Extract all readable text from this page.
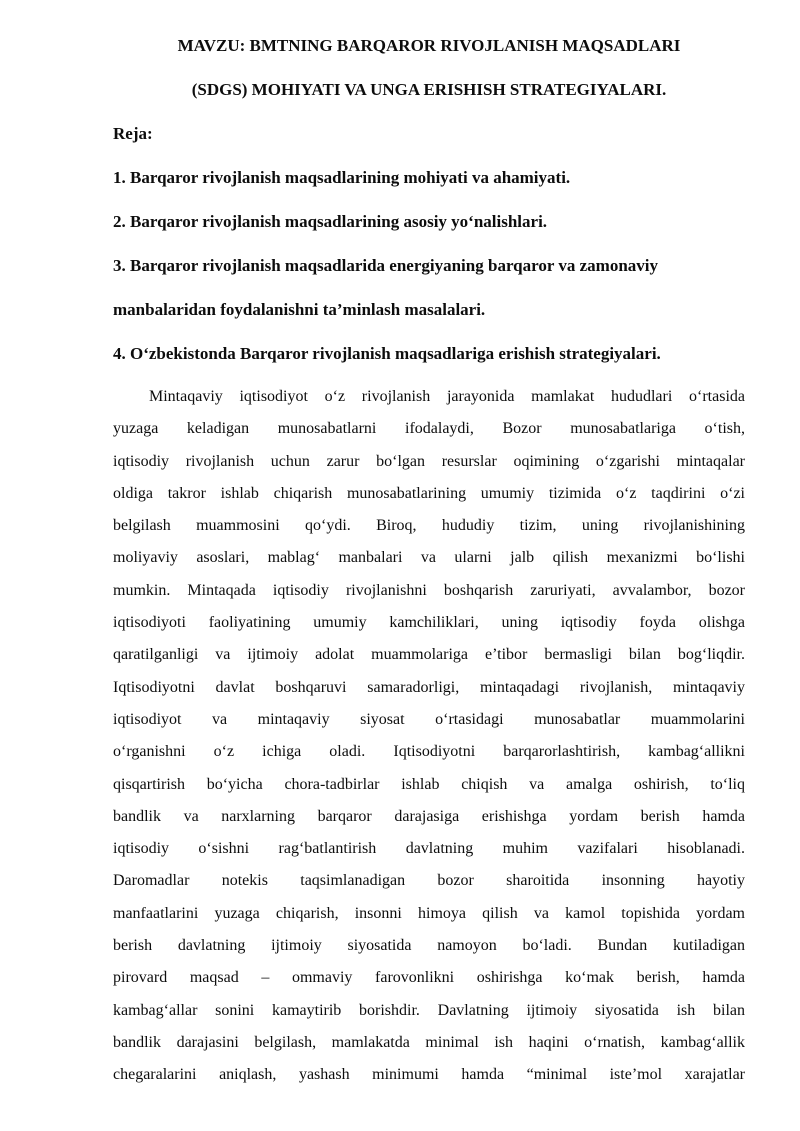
MAVZU: BMTNING BARQAROR RIVOJLANISH MAQSADLARI
(SDGS) MOHIYATI VA UNGA ERISHISH STRATEGIYALARI.
Reja:
1. Barqaror rivojlanish maqsadlarining mohiyati va ahamiyati.
2. Barqaror rivojlanish maqsadlarining asosiy yo‘nalishlari.
3. Barqaror rivojlanish maqsadlarida energiyaning barqaror va zamonaviy
manbalaridan foydalanishni ta’minlash masalalari.
4. O‘zbekistonda Barqaror rivojlanish maqsadlariga erishish strategiyalari.
Mintaqaviy iqtisodiyot o‘z rivojlanish jarayonida mamlakat hududlari o‘rtasida
yuzaga keladigan munosabatlarni ifodalaydi, Bozor munosabatlariga o‘tish,
iqtisodiy rivojlanish uchun zarur bo‘lgan resurslar oqimining o‘zgarishi mintaqalar
oldiga takror ishlab chiqarish munosabatlarining umumiy tizimida o‘z taqdirini o‘zi
belgilash muammosini qo‘ydi. Biroq, hududiy tizim, uning rivojlanishining
moliyaviy asoslari, mablag‘ manbalari va ularni jalb qilish mexanizmi bo‘lishi
mumkin. Mintaqada iqtisodiy rivojlanishni boshqarish zaruriyati, avvalambor, bozor
iqtisodiyoti faoliyatining umumiy kamchiliklari, uning iqtisodiy foyda olishga
qaratilganligi va ijtimoiy adolat muammolariga e’tibor bermasligi bilan bog‘liqdir.
Iqtisodiyotni davlat boshqaruvi samaradorligi, mintaqadagi rivojlanish, mintaqaviy
iqtisodiyot va mintaqaviy siyosat o‘rtasidagi munosabatlar muammolarini
o‘rganishni o‘z ichiga oladi. Iqtisodiyotni barqarorlashtirish, kambag‘allikni
qisqartirish bo‘yicha chora-tadbirlar ishlab chiqish va amalga oshirish, to‘liq
bandlik va narxlarning barqaror darajasiga erishishga yordam berish hamda
iqtisodiy o‘sishni rag‘batlantirish davlatning muhim vazifalari hisoblanadi.
Daromadlar notekis taqsimlanadigan bozor sharoitida insonning hayotiy
manfaatlarini yuzaga chiqarish, insonni himoya qilish va kamol topishida yordam
berish davlatning ijtimoiy siyosatida namoyon bo‘ladi. Bundan kutiladigan
pirovard maqsad – ommaviy farovonlikni oshirishga ko‘mak berish, hamda
kambag‘allar sonini kamaytirib borishdir. Davlatning ijtimoiy siyosatida ish bilan
bandlik darajasini belgilash, mamlakatda minimal ish haqini o‘rnatish, kambag‘allik
chegaralarini aniqlash, yashash minimumi hamda “minimal iste’mol xarajatlar
